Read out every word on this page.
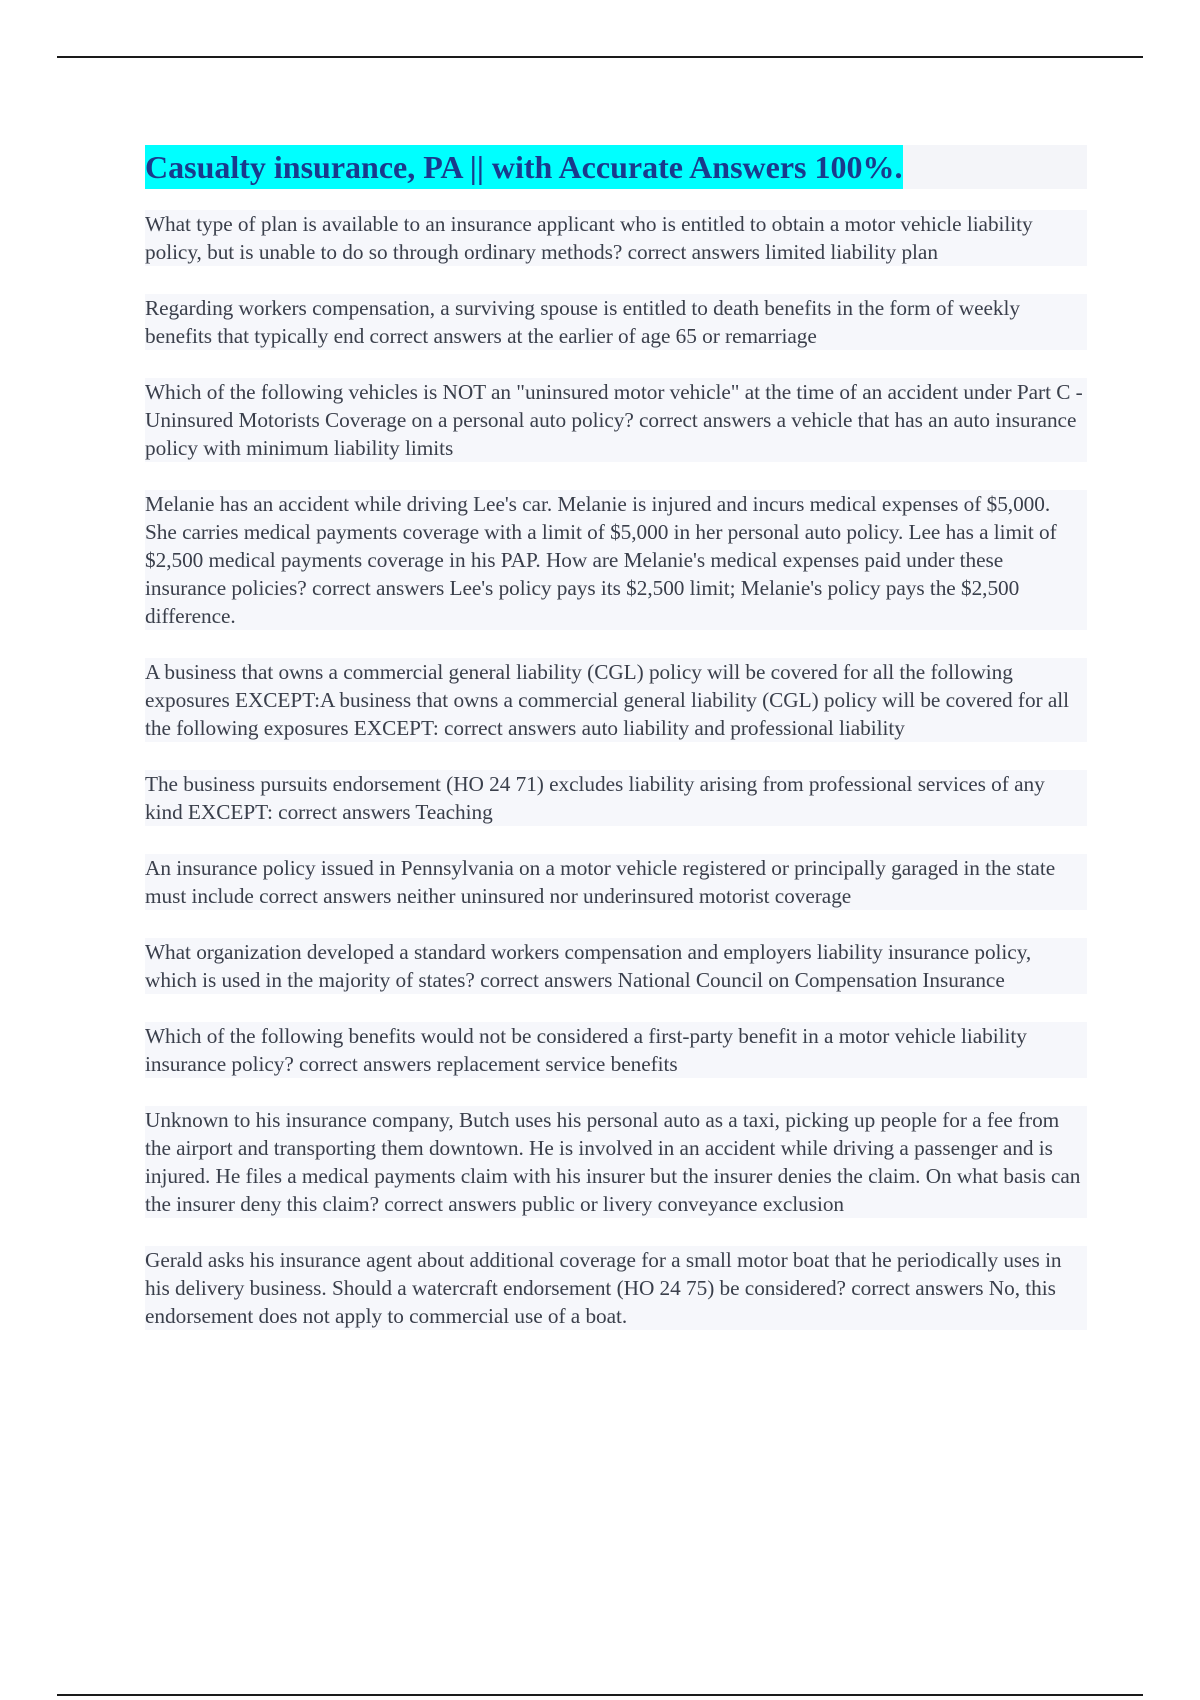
Casualty insurance, PA || with Accurate Answers 100%.

What type of plan is available to an insurance applicant who is entitled to obtain a motor vehicle liability policy, but is unable to do so through ordinary methods? correct answers limited liability plan

Regarding workers compensation, a surviving spouse is entitled to death benefits in the form of weekly benefits that typically end correct answers at the earlier of age 65 or remarriage

Which of the following vehicles is NOT an "uninsured motor vehicle" at the time of an accident under Part C - Uninsured Motorists Coverage on a personal auto policy? correct answers a vehicle that has an auto insurance policy with minimum liability limits

Melanie has an accident while driving Lee's car. Melanie is injured and incurs medical expenses of $5,000. She carries medical payments coverage with a limit of $5,000 in her personal auto policy. Lee has a limit of $2,500 medical payments coverage in his PAP. How are Melanie's medical expenses paid under these insurance policies? correct answers Lee's policy pays its $2,500 limit; Melanie's policy pays the $2,500 difference.

A business that owns a commercial general liability (CGL) policy will be covered for all the following exposures EXCEPT:A business that owns a commercial general liability (CGL) policy will be covered for all the following exposures EXCEPT: correct answers auto liability and professional liability

The business pursuits endorsement (HO 24 71) excludes liability arising from professional services of any kind EXCEPT: correct answers Teaching

An insurance policy issued in Pennsylvania on a motor vehicle registered or principally garaged in the state must include correct answers neither uninsured nor underinsured motorist coverage

What organization developed a standard workers compensation and employers liability insurance policy, which is used in the majority of states? correct answers National Council on Compensation Insurance

Which of the following benefits would not be considered a first-party benefit in a motor vehicle liability insurance policy? correct answers replacement service benefits

Unknown to his insurance company, Butch uses his personal auto as a taxi, picking up people for a fee from the airport and transporting them downtown. He is involved in an accident while driving a passenger and is injured. He files a medical payments claim with his insurer but the insurer denies the claim. On what basis can the insurer deny this claim? correct answers public or livery conveyance exclusion

Gerald asks his insurance agent about additional coverage for a small motor boat that he periodically uses in his delivery business. Should a watercraft endorsement (HO 24 75) be considered? correct answers No, this endorsement does not apply to commercial use of a boat.
